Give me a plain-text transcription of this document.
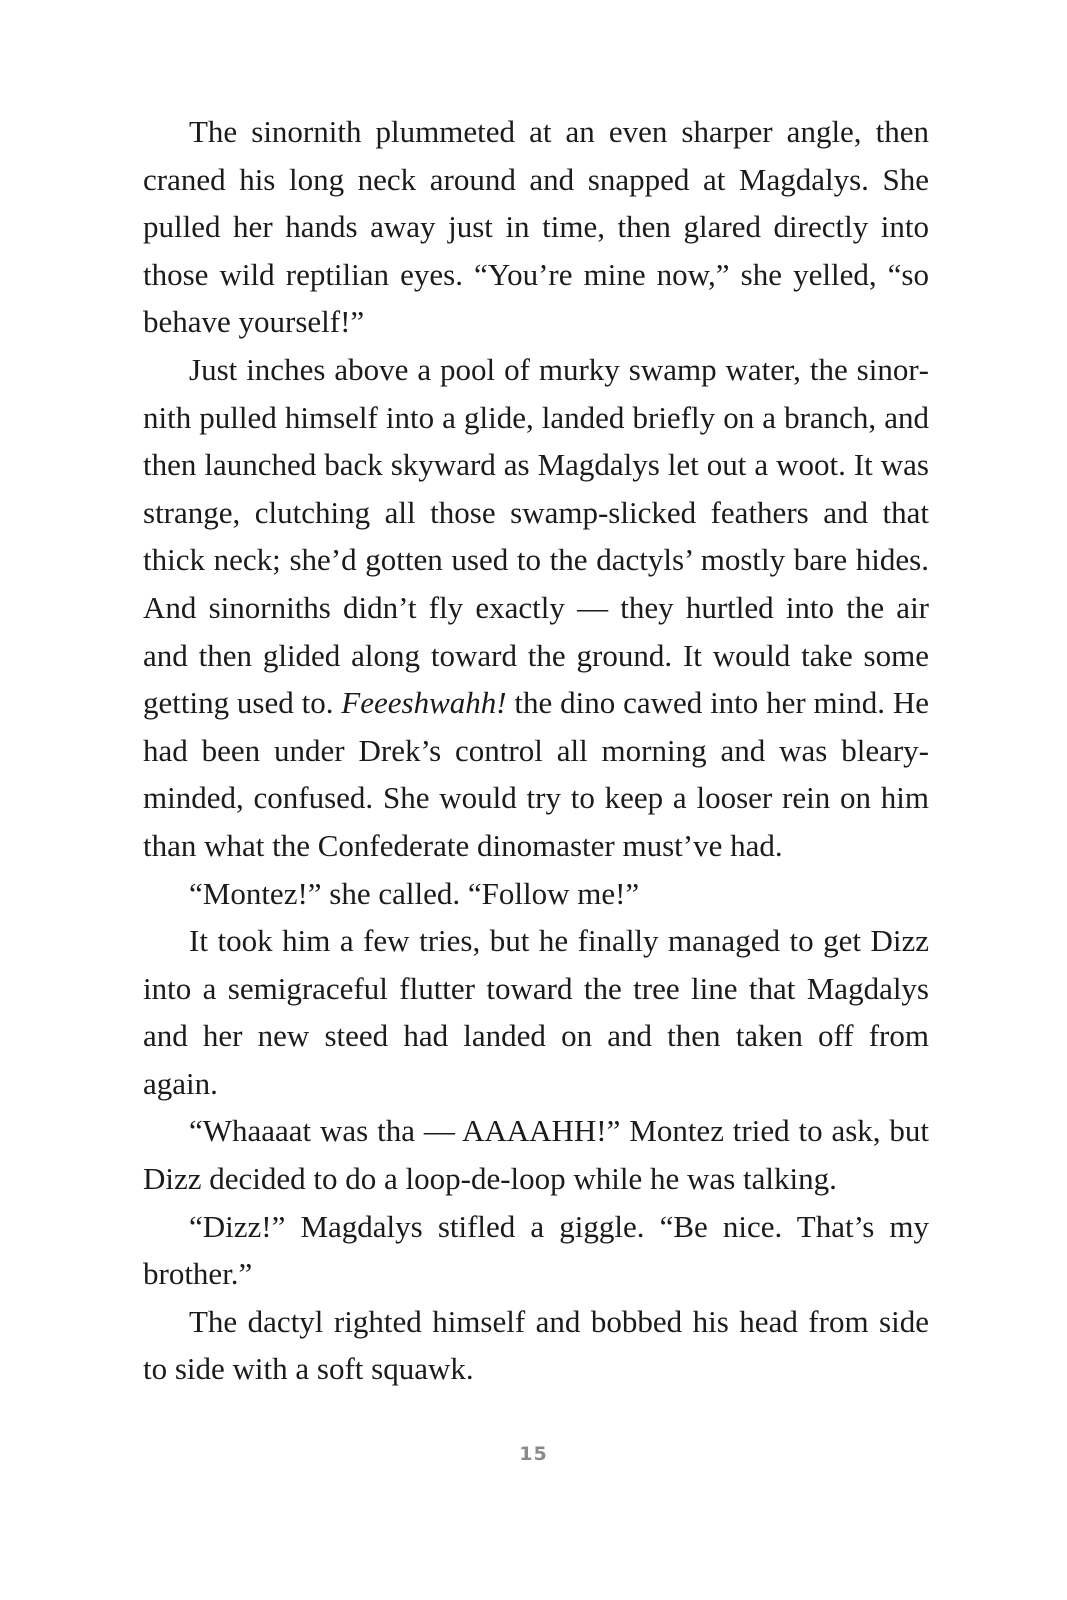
The sinornith plummeted at an even sharper angle, then craned his long neck around and snapped at Magdalys. She pulled her hands away just in time, then glared directly into those wild reptilian eyes. “You’re mine now,” she yelled, “so behave yourself!”

Just inches above a pool of murky swamp water, the sinornith pulled himself into a glide, landed briefly on a branch, and then launched back skyward as Magdalys let out a woot. It was strange, clutching all those swamp-slicked feathers and that thick neck; she’d gotten used to the dactyls’ mostly bare hides. And sinorniths didn’t fly exactly — they hurtled into the air and then glided along toward the ground. It would take some getting used to. Feeeshwahh! the dino cawed into her mind. He had been under Drek’s control all morning and was bleary-minded, confused. She would try to keep a looser rein on him than what the Confederate dinomaster must’ve had.

“Montez!” she called. “Follow me!”

It took him a few tries, but he finally managed to get Dizz into a semigraceful flutter toward the tree line that Magdalys and her new steed had landed on and then taken off from again.

“Whaaaat was tha — AAAAHH!” Montez tried to ask, but Dizz decided to do a loop-de-loop while he was talking.

“Dizz!” Magdalys stifled a giggle. “Be nice. That’s my brother.”

The dactyl righted himself and bobbed his head from side to side with a soft squawk.

15
